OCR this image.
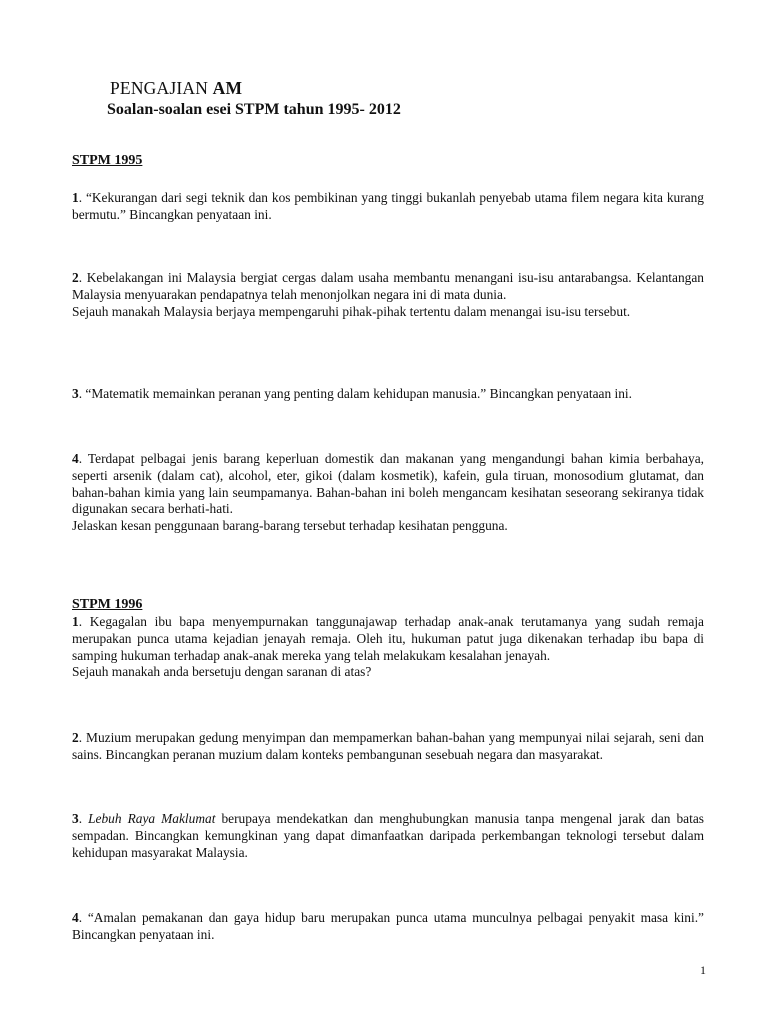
PENGAJIAN AM
Soalan-soalan esei STPM tahun 1995- 2012
STPM 1995

1. “Kekurangan dari segi teknik dan kos pembikinan yang tinggi bukanlah penyebab utama filem negara kita kurang bermutu.” Bincangkan penyataan ini.

2. Kebelakangan ini Malaysia bergiat cergas dalam usaha membantu menangani isu-isu antarabangsa. Kelantangan Malaysia menyuarakan pendapatnya telah menonjolkan negara ini di mata dunia.

Sejauh manakah Malaysia berjaya mempengaruhi pihak-pihak tertentu dalam menangai isu-isu tersebut.

3. “Matematik memainkan peranan yang penting dalam kehidupan manusia.” Bincangkan penyataan ini.

4. Terdapat pelbagai jenis barang keperluan domestik dan makanan yang mengandungi bahan kimia berbahaya, seperti arsenik (dalam cat), alcohol, eter, gikoi (dalam kosmetik), kafein, gula tiruan, monosodium glutamat, dan bahan-bahan kimia yang lain seumpamanya. Bahan-bahan ini boleh mengancam kesihatan seseorang sekiranya tidak digunakan secara berhati-hati.

Jelaskan kesan penggunaan barang-barang tersebut terhadap kesihatan pengguna.

STPM 1996

1. Kegagalan ibu bapa menyempurnakan tanggunajawap terhadap anak-anak terutamanya yang sudah remaja merupakan punca utama kejadian jenayah remaja. Oleh itu, hukuman patut juga dikenakan terhadap ibu bapa di samping hukuman terhadap anak-anak mereka yang telah melakukam kesalahan jenayah.

Sejauh manakah anda bersetuju dengan saranan di atas?

2. Muzium merupakan gedung menyimpan dan mempamerkan bahan-bahan yang mempunyai nilai sejarah, seni dan sains. Bincangkan peranan muzium dalam konteks pembangunan sesebuah negara dan masyarakat.

3. Lebuh Raya Maklumat berupaya mendekatkan dan menghubungkan manusia tanpa mengenal jarak dan batas sempadan. Bincangkan kemungkinan yang dapat dimanfaatkan daripada perkembangan teknologi tersebut dalam kehidupan masyarakat Malaysia.

4. “Amalan pemakanan dan gaya hidup baru merupakan punca utama munculnya pelbagai penyakit masa kini.” Bincangkan penyataan ini.

1
